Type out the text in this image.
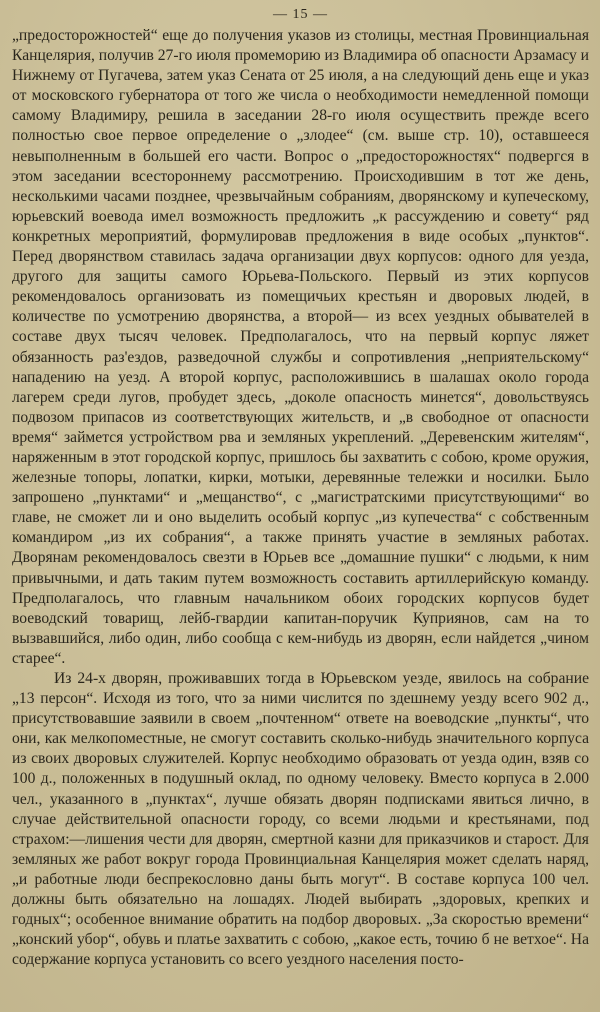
— 15 —

„предосторожностей“ еще до получения указов из столицы, местная Провинциальная Канцелярия, получив 27-го июля промеморию из Владимира об опасности Арзамасу и Нижнему от Пугачева, затем указ Сената от 25 июля, а на следующий день еще и указ от московского губернатора от того же числа о необходимости немедленной помощи самому Владимиру, решила в заседании 28-го июля осуществить прежде всего полностью свое первое определение о „злодее“ (см. выше стр. 10), оставшееся невыполненным в большей его части. Вопрос о „предосторожностях“ подвергся в этом заседании всестороннему рассмотрению. Происходившим в тот же день, несколькими часами позднее, чрезвычайным собраниям, дворянскому и купеческому, юрьевский воевода имел возможность предложить „к рассуждению и совету“ ряд конкретных мероприятий, формулировав предложения в виде особых „пунктов“. Перед дворянством ставилась задача организации двух корпусов: одного для уезда, другого для защиты самого Юрьева-Польского. Первый из этих корпусов рекомендовалось организовать из помещичьих крестьян и дворовых людей, в количестве по усмотрению дворянства, а второй— из всех уездных обывателей в составе двух тысяч человек. Предполагалось, что на первый корпус ляжет обязанность раз'ездов, разведочной службы и сопротивления „неприятельскому“ нападению на уезд. А второй корпус, расположившись в шалашах около города лагерем среди лугов, пробудет здесь, „доколе опасность минется“, довольствуясь подвозом припасов из соответствующих жительств, и „в свободное от опасности время“ займется устройством рва и земляных укреплений. „Деревенским жителям“, наряженным в этот городской корпус, пришлось бы захватить с собою, кроме оружия, железные топоры, лопатки, кирки, мотыки, деревянные тележки и носилки. Было запрошено „пунктами“ и „мещанство“, с „магистратскими присутствующими“ во главе, не сможет ли и оно выделить особый корпус „из купечества“ с собственным командиром „из их собрания“, а также принять участие в земляных работах. Дворянам рекомендовалось свезти в Юрьев все „домашние пушки“ с людьми, к ним привычными, и дать таким путем возможность составить артиллерийскую команду. Предполагалось, что главным начальником обоих городских корпусов будет воеводский товарищ, лейб-гвардии капитан-поручик Куприянов, сам на то вызвавшийся, либо один, либо сообща с кем-нибудь из дворян, если найдется „чином старее“.

Из 24-х дворян, проживавших тогда в Юрьевском уезде, явилось на собрание „13 персон“. Исходя из того, что за ними числится по здешнему уезду всего 902 д., присутствовавшие заявили в своем „почтенном“ ответе на воеводские „пункты“, что они, как мелкопоместные, не смогут составить сколько-нибудь значительного корпуса из своих дворовых служителей. Корпус необходимо образовать от уезда один, взяв со 100 д., положенных в подушный оклад, по одному человеку. Вместо корпуса в 2.000 чел., указанного в „пунктах“, лучше обязать дворян подписками явиться лично, в случае действительной опасности городу, со всеми людьми и крестьянами, под страхом:—лишения чести для дворян, смертной казни для приказчиков и старост. Для земляных же работ вокруг города Провинциальная Канцелярия может сделать наряд, „и работные люди беспрекословно даны быть могут“. В составе корпуса 100 чел. должны быть обязательно на лошадях. Людей выбирать „здоровых, крепких и годных“; особенное внимание обратить на подбор дворовых. „За скоростью времени“ „конский убор“, обувь и платье захватить с собою, „какое есть, точию б не ветхое“. На содержание корпуса установить со всего уездного населения посто-
